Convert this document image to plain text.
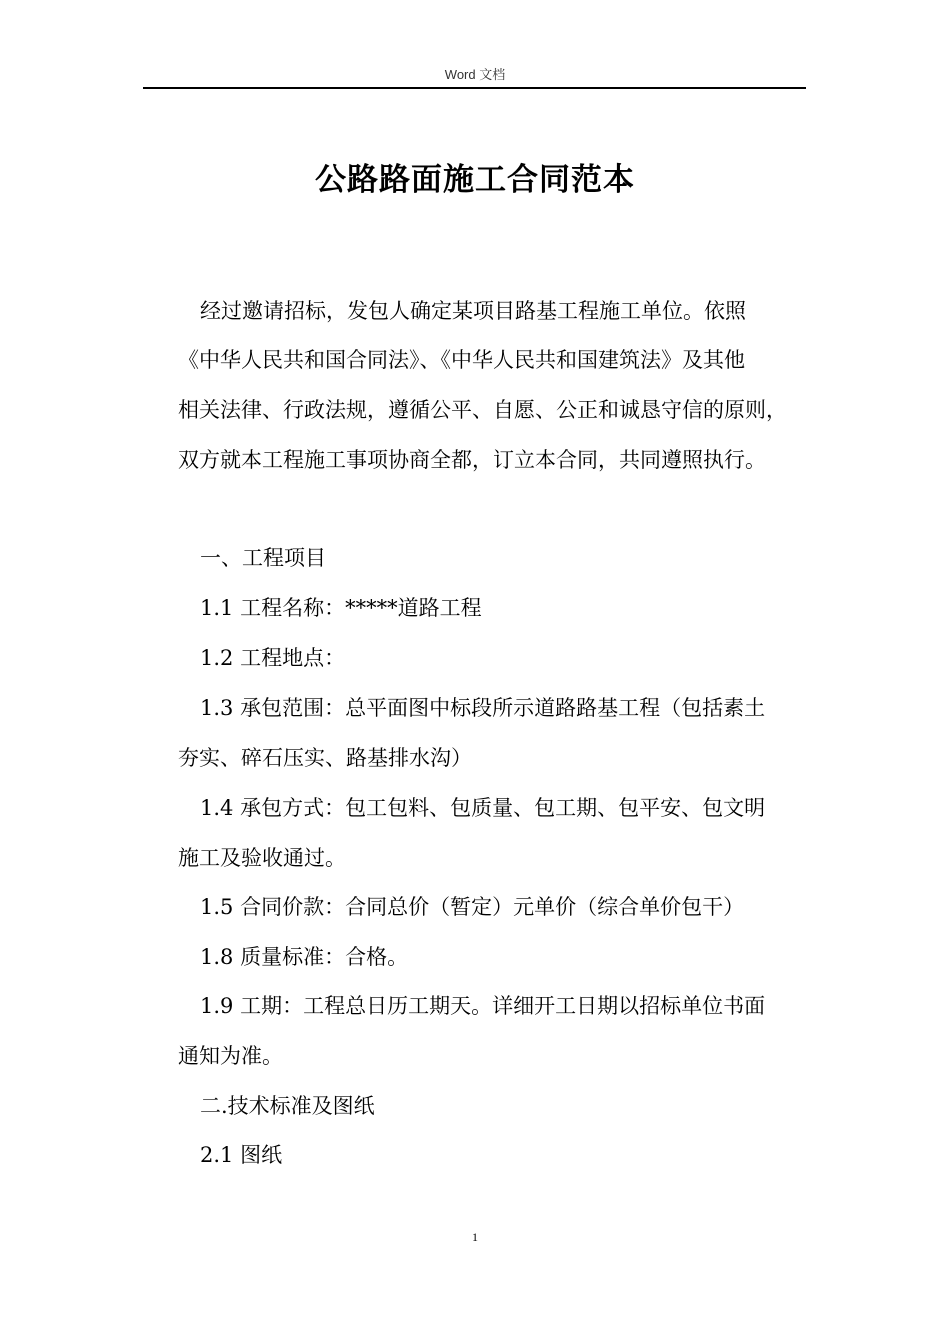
Word 文档
公路路面施工合同范本
经过邀请招标，发包人确定某项目路基工程施工单位。依照
《中华人民共和国合同法》、《中华人民共和国建筑法》及其他
相关法律、行政法规，遵循公平、自愿、公正和诚恳守信的原则，
双方就本工程施工事项协商全都，订立本合同，共同遵照执行。
一、工程项目
1.1 工程名称：*****道路工程
1.2 工程地点：
1.3 承包范围：总平面图中标段所示道路路基工程（包括素土
夯实、碎石压实、路基排水沟）
1.4 承包方式：包工包料、包质量、包工期、包平安、包文明
施工及验收通过。
1.5 合同价款：合同总价（暂定）元单价（综合单价包干）
1.8 质量标准：合格。
1.9 工期：工程总日历工期天。详细开工日期以招标单位书面
通知为准。
二.技术标准及图纸
2.1 图纸
1
